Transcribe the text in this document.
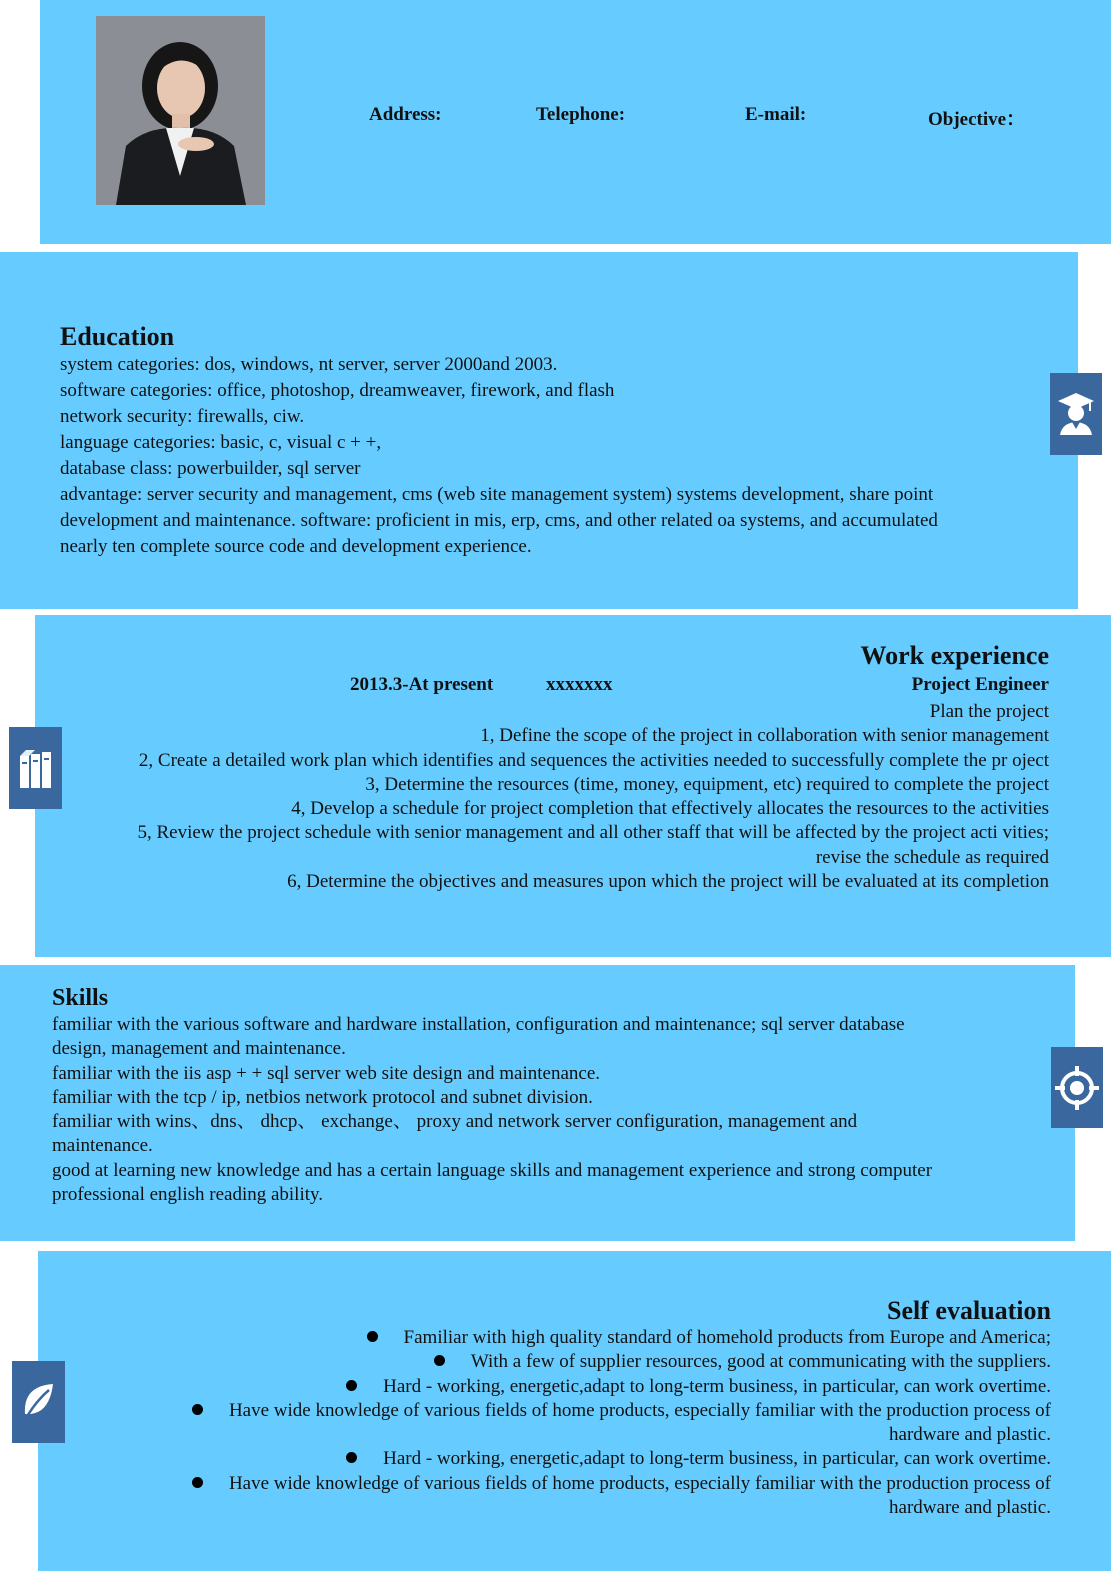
Address:	Telephone:	E-mail:	Objective：
Education
system categories: dos, windows, nt server, server 2000and 2003.
software categories: office, photoshop, dreamweaver, firework, and flash
network security: firewalls, ciw.
language categories: basic, c, visual c + +,
database class: powerbuilder, sql server
advantage: server security and management, cms (web site management system) systems development, share point development and maintenance. software: proficient in mis, erp, cms, and other related oa systems, and accumulated nearly ten complete source code and development experience.
Work experience
2013.3-At present	xxxxxxx	Project Engineer
Plan the project
1, Define the scope of the project in collaboration with senior management
2, Create a detailed work plan which identifies and sequences the activities needed to successfully complete the pr oject
3, Determine the resources (time, money, equipment, etc) required to complete the project
4, Develop a schedule for project completion that effectively allocates the resources to the activities
5, Review the project schedule with senior management and all other staff that will be affected by the project acti vities; revise the schedule as required
6, Determine the objectives and measures upon which the project will be evaluated at its completion
Skills
familiar with the various software and hardware installation, configuration and maintenance; sql server database design, management and maintenance.
familiar with the iis asp + + sql server web site design and maintenance.
familiar with the tcp / ip, netbios network protocol and subnet division.
familiar with wins、dns、 dhcp、 exchange、 proxy and network server configuration, management and maintenance.
good at learning new knowledge and has a certain language skills and management experience and strong computer professional english reading ability.
Self evaluation
Familiar with high quality standard of homehold products from Europe and America;
With a few of supplier resources, good at communicating with the suppliers.
Hard - working, energetic,adapt to long-term business, in particular, can work overtime.
Have wide knowledge of various fields of home products, especially familiar with the production process of hardware and plastic.
Hard - working, energetic,adapt to long-term business, in particular, can work overtime.
Have wide knowledge of various fields of home products, especially familiar with the production process of hardware and plastic.
